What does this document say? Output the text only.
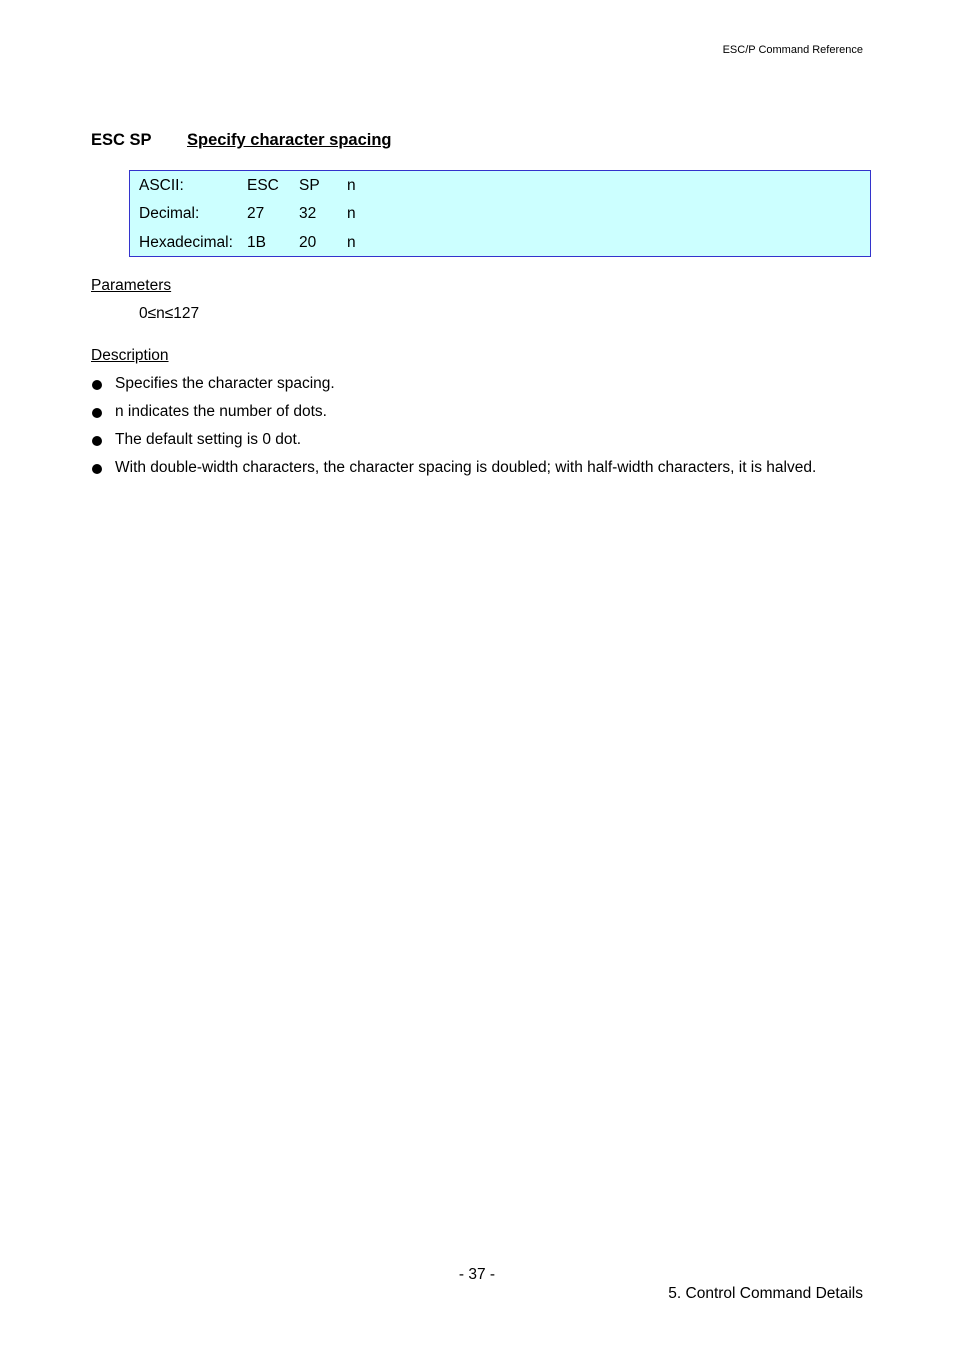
ESC/P Command Reference
ESC SP Specify character spacing
ASCII:	ESC SP n
Decimal:	27 32 n
Hexadecimal: 1B 20 n
Parameters
0≤n≤127
Description
Specifies the character spacing.
n indicates the number of dots.
The default setting is 0 dot.
With double-width characters, the character spacing is doubled; with half-width characters, it is halved.
- 37 -
5. Control Command Details
